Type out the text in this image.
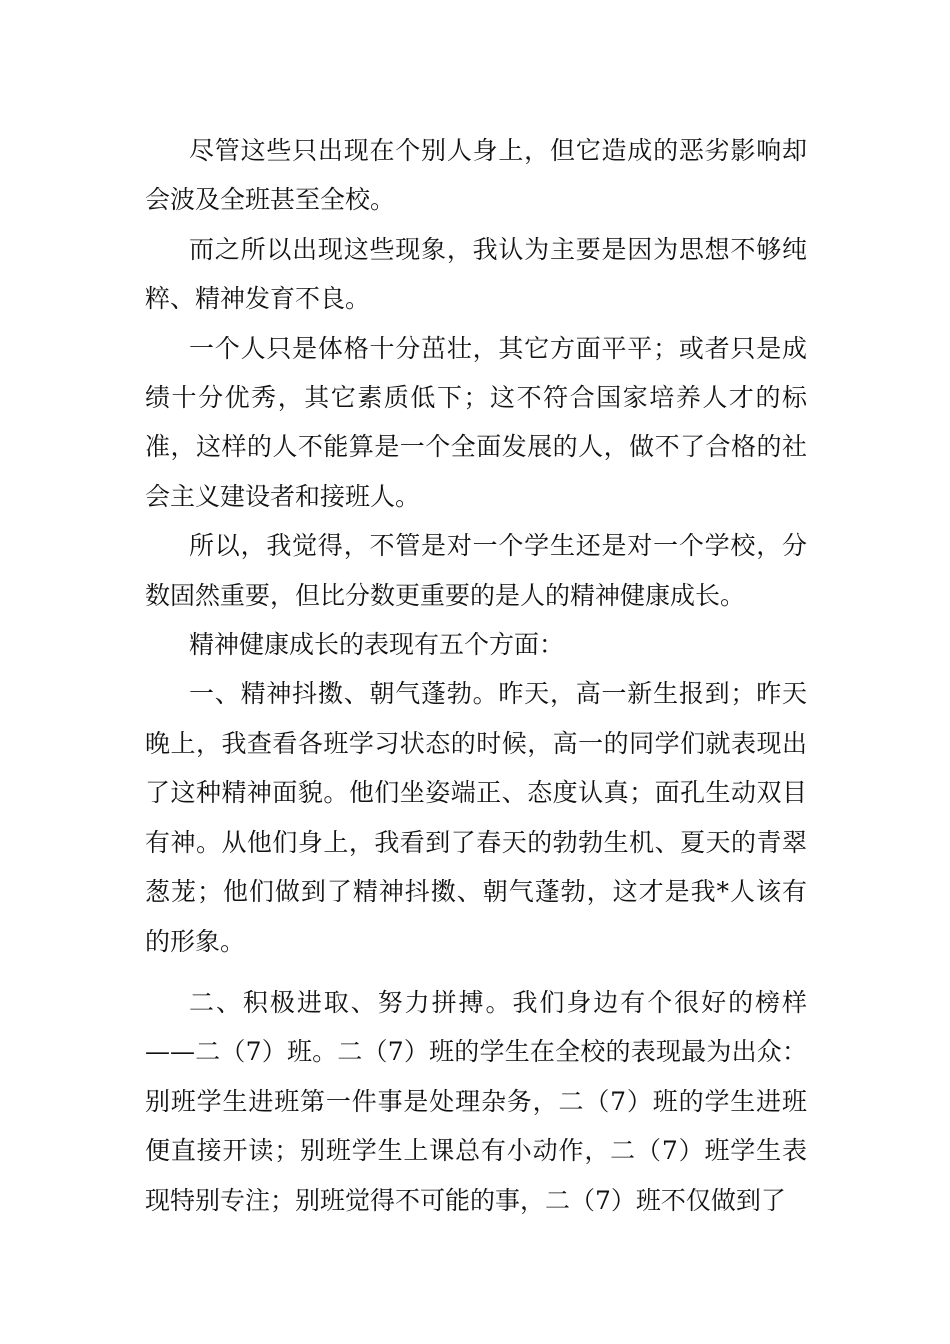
尽管这些只出现在个别人身上，但它造成的恶劣影响却会波及全班甚至全校。

而之所以出现这些现象，我认为主要是因为思想不够纯粹、精神发育不良。

一个人只是体格十分茁壮，其它方面平平；或者只是成绩十分优秀，其它素质低下；这不符合国家培养人才的标准，这样的人不能算是一个全面发展的人，做不了合格的社会主义建设者和接班人。

所以，我觉得，不管是对一个学生还是对一个学校，分数固然重要，但比分数更重要的是人的精神健康成长。

精神健康成长的表现有五个方面：

一、精神抖擞、朝气蓬勃。昨天，高一新生报到；昨天晚上，我查看各班学习状态的时候，高一的同学们就表现出了这种精神面貌。他们坐姿端正、态度认真；面孔生动双目有神。从他们身上，我看到了春天的勃勃生机、夏天的青翠葱茏；他们做到了精神抖擞、朝气蓬勃，这才是我*人该有的形象。

二、积极进取、努力拼搏。我们身边有个很好的榜样——二（7）班。二（7）班的学生在全校的表现最为出众：别班学生进班第一件事是处理杂务，二（7）班的学生进班便直接开读；别班学生上课总有小动作，二（7）班学生表现特别专注；别班觉得不可能的事，二（7）班不仅做到了
